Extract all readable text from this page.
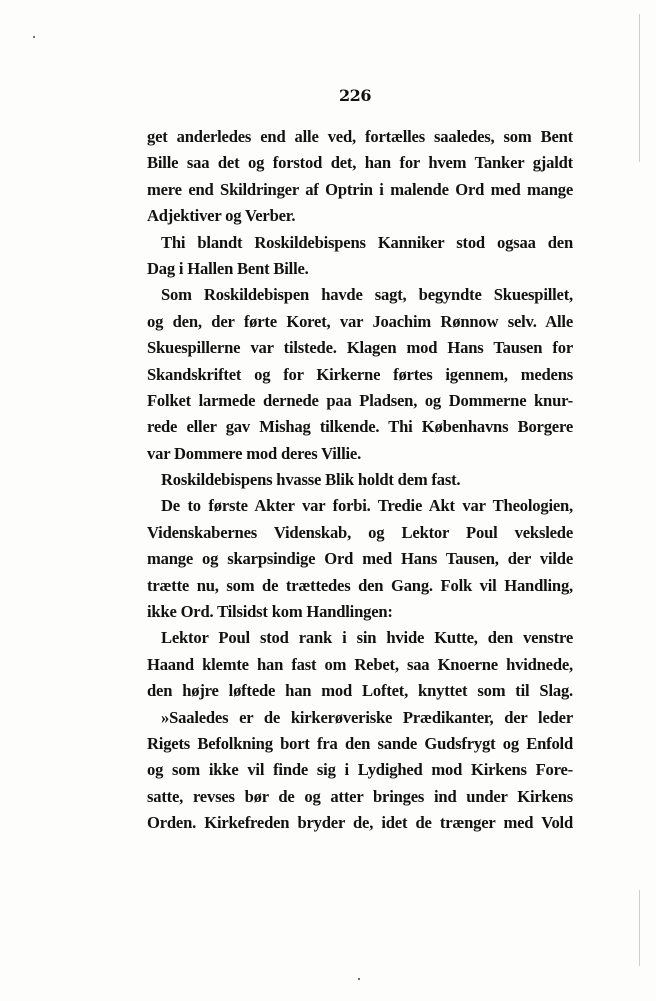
226
get anderledes end alle ved, fortælles saaledes, som Bent
Bille saa det og forstod det, han for hvem Tanker gjaldt
mere end Skildringer af Optrin i malende Ord med mange
Adjektiver og Verber.
Thi blandt Roskildebispens Kanniker stod ogsaa den
Dag i Hallen Bent Bille.
Som Roskildebispen havde sagt, begyndte Skuespillet,
og den, der førte Koret, var Joachim Rønnow selv. Alle
Skuespillerne var tilstede. Klagen mod Hans Tausen for
Skandskriftet og for Kirkerne førtes igennem, medens
Folket larmede dernede paa Pladsen, og Dommerne knur-
rede eller gav Mishag tilkende. Thi Københavns Borgere
var Dommere mod deres Villie.
Roskildebispens hvasse Blik holdt dem fast.
De to første Akter var forbi. Tredie Akt var Theologien,
Videnskabernes Videnskab, og Lektor Poul vekslede
mange og skarpsindige Ord med Hans Tausen, der vilde
trætte nu, som de trættedes den Gang. Folk vil Handling,
ikke Ord. Tilsidst kom Handlingen:
Lektor Poul stod rank i sin hvide Kutte, den venstre
Haand klemte han fast om Rebet, saa Knoerne hvidnede,
den højre løftede han mod Loftet, knyttet som til Slag.
»Saaledes er de kirkerøveriske Prædikanter, der leder
Rigets Befolkning bort fra den sande Gudsfrygt og Enfold
og som ikke vil finde sig i Lydighed mod Kirkens Fore-
satte, revses bør de og atter bringes ind under Kirkens
Orden. Kirkefreden bryder de, idet de trænger med Vold
